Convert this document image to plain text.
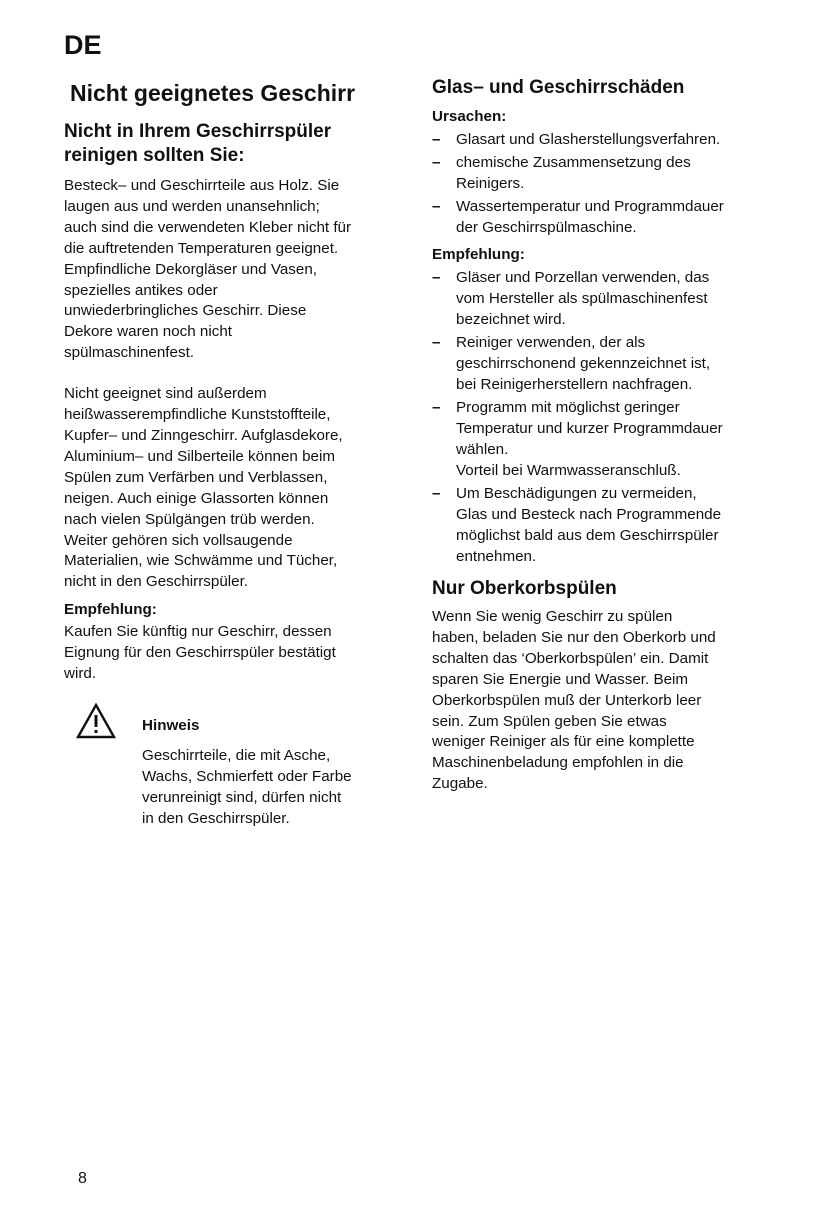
DE
Nicht geeignetes Geschirr
Nicht in Ihrem Geschirrspüler
reinigen sollten Sie:

Besteck– und Geschirrteile aus Holz. Sie
laugen aus und werden unansehnlich;
auch sind die verwendeten Kleber nicht für
die auftretenden Temperaturen geeignet.
Empfindliche Dekorgläser und Vasen,
spezielles antikes oder
unwiederbringliches Geschirr. Diese
Dekore waren noch nicht
spülmaschinenfest.

Nicht geeignet sind außerdem
heißwasserempfindliche Kunststoffteile,
Kupfer– und Zinngeschirr. Aufglasdekore,
Aluminium– und Silberteile können beim
Spülen zum Verfärben und Verblassen,
neigen. Auch einige Glassorten können
nach vielen Spülgängen trüb werden.
Weiter gehören sich vollsaugende
Materialien, wie Schwämme und Tücher,
nicht in den Geschirrspüler.

Empfehlung:

Kaufen Sie künftig nur Geschirr, dessen
Eignung für den Geschirrspüler bestätigt
wird.

Hinweis
Geschirrteile, die mit Asche,
Wachs, Schmierfett oder Farbe
verunreinigt sind, dürfen nicht
in den Geschirrspüler.
Glas– und Geschirrschäden
Ursachen:
– Glasart und Glasherstellungsverfahren.
– chemische Zusammensetzung des
Reinigers.
– Wassertemperatur und Programmdauer
der Geschirrspülmaschine.
Empfehlung:
– Gläser und Porzellan verwenden, das
vom Hersteller als spülmaschinenfest
bezeichnet wird.
– Reiniger verwenden, der als
geschirrschonend gekennzeichnet ist,
bei Reinigerherstellern nachfragen.
– Programm mit möglichst geringer
Temperatur und kurzer Programmdauer
wählen.
Vorteil bei Warmwasseranschluß.
– Um Beschädigungen zu vermeiden,
Glas und Besteck nach Programmende
möglichst bald aus dem Geschirrspüler
entnehmen.
Nur Oberkorbspülen

Wenn Sie wenig Geschirr zu spülen
haben, beladen Sie nur den Oberkorb und
schalten das ‘Oberkorbspülen’ ein. Damit
sparen Sie Energie und Wasser. Beim
Oberkorbspülen muß der Unterkorb leer
sein. Zum Spülen geben Sie etwas
weniger Reiniger als für eine komplette
Maschinenbeladung empfohlen in die
Zugabe.

8
